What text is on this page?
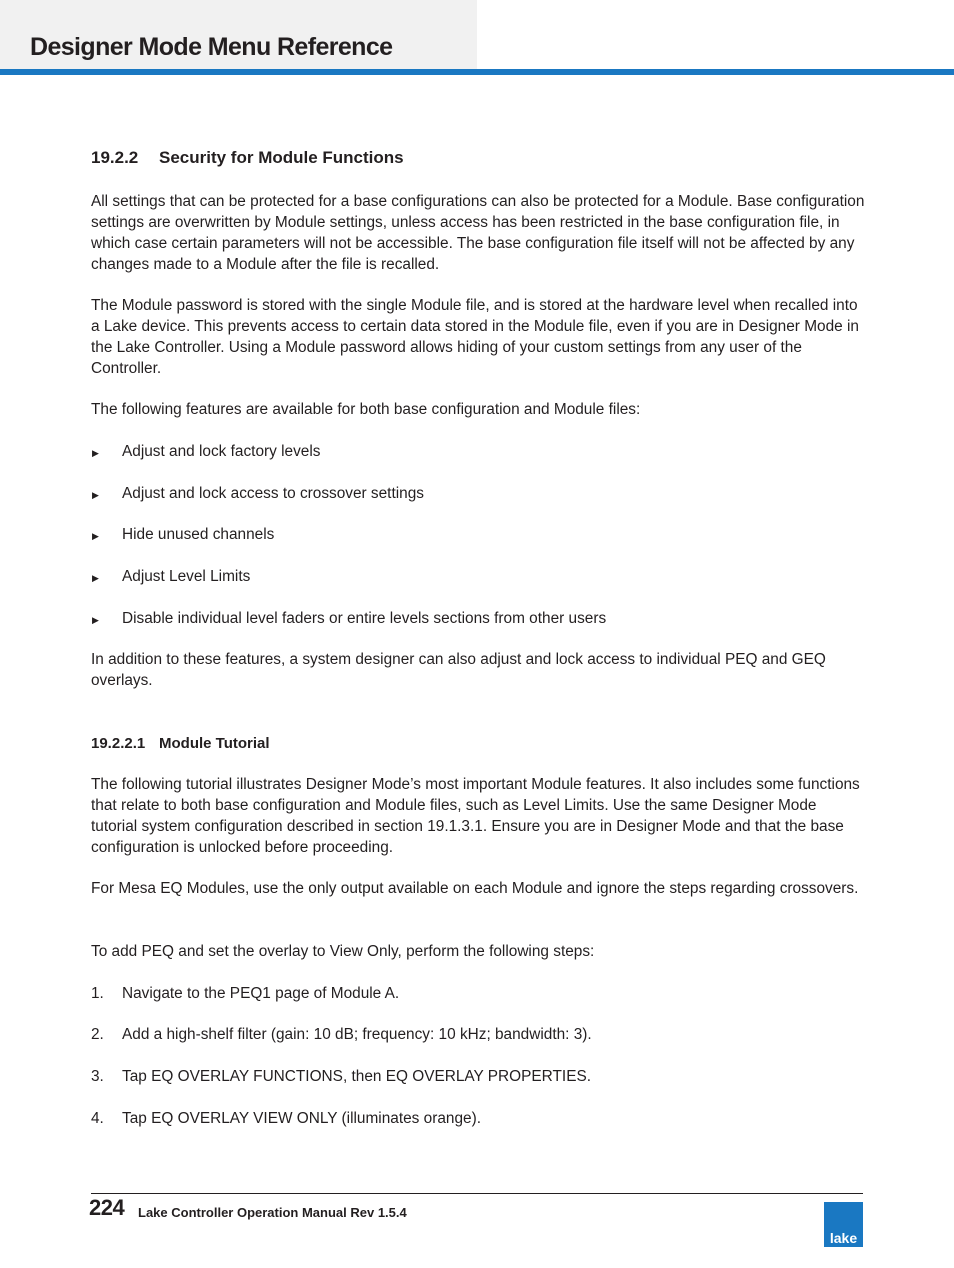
Designer Mode Menu Reference
19.2.2 Security for Module Functions

All settings that can be protected for a base configurations can also be protected for a Module. Base configuration settings are overwritten by Module settings, unless access has been restricted in the base configuration file, in which case certain parameters will not be accessible. The base configuration file itself will not be affected by any changes made to a Module after the file is recalled.

The Module password is stored with the single Module file, and is stored at the hardware level when recalled into a Lake device. This prevents access to certain data stored in the Module file, even if you are in Designer Mode in the Lake Controller. Using a Module password allows hiding of your custom settings from any user of the Controller.

The following features are available for both base configuration and Module files:

▶ Adjust and lock factory levels
▶ Adjust and lock access to crossover settings
▶ Hide unused channels
▶ Adjust Level Limits
▶ Disable individual level faders or entire levels sections from other users

In addition to these features, a system designer can also adjust and lock access to individual PEQ and GEQ overlays.

19.2.2.1 Module Tutorial

The following tutorial illustrates Designer Mode’s most important Module features. It also includes some functions that relate to both base configuration and Module files, such as Level Limits. Use the same Designer Mode tutorial system configuration described in section 19.1.3.1. Ensure you are in Designer Mode and that the base configuration is unlocked before proceeding.

For Mesa EQ Modules, use the only output available on each Module and ignore the steps regarding crossovers.

To add PEQ and set the overlay to View Only, perform the following steps:

1.	Navigate to the PEQ1 page of Module A.
2.	Add a high-shelf filter (gain: 10 dB; frequency: 10 kHz; bandwidth: 3).
3.	Tap EQ OVERLAY FUNCTIONS, then EQ OVERLAY PROPERTIES.
4.	Tap EQ OVERLAY VIEW ONLY (illuminates orange).
224 Lake Controller Operation Manual Rev 1.5.4
lake
